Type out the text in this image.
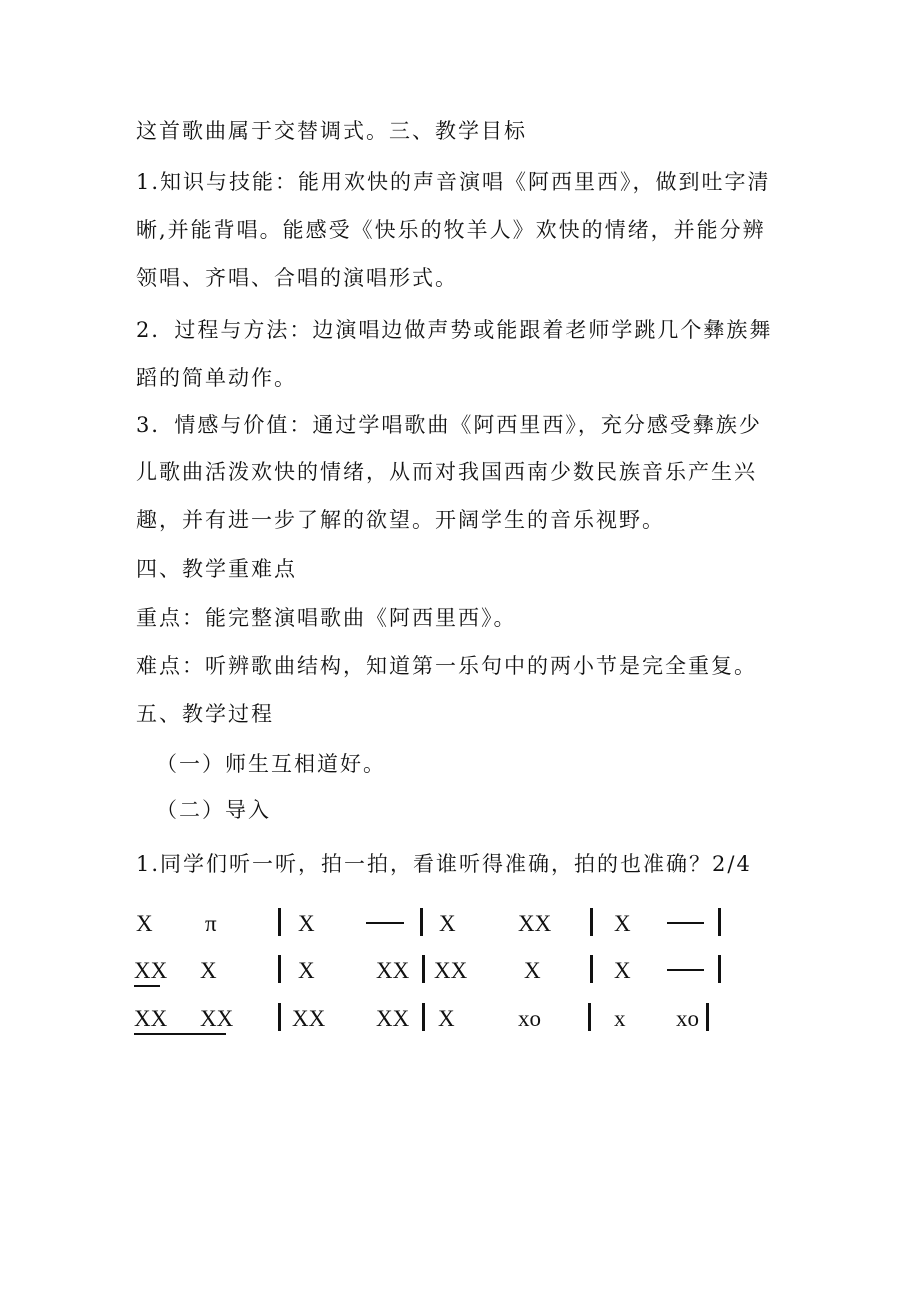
这首歌曲属于交替调式。三、教学目标

1.知识与技能：能用欢快的声音演唱《阿西里西》，做到吐字清

晰,并能背唱。能感受《快乐的牧羊人》欢快的情绪，并能分辨

领唱、齐唱、合唱的演唱形式。

2．过程与方法：边演唱边做声势或能跟着老师学跳几个彝族舞

蹈的简单动作。

3．情感与价值：通过学唱歌曲《阿西里西》，充分感受彝族少

儿歌曲活泼欢快的情绪，从而对我国西南少数民族音乐产生兴

趣，并有进一步了解的欲望。开阔学生的音乐视野。

四、教学重难点

重点：能完整演唱歌曲《阿西里西》。

难点：听辨歌曲结构，知道第一乐句中的两小节是完全重复。

五、教学过程

（一）师生互相道好。

（二）导入

1.同学们听一听，拍一拍，看谁听得准确，拍的也准确？2/4

X π	X	X	XX	X
XX X	X	XX XX X	X
XX XX	XX XX X	xo	x xo
